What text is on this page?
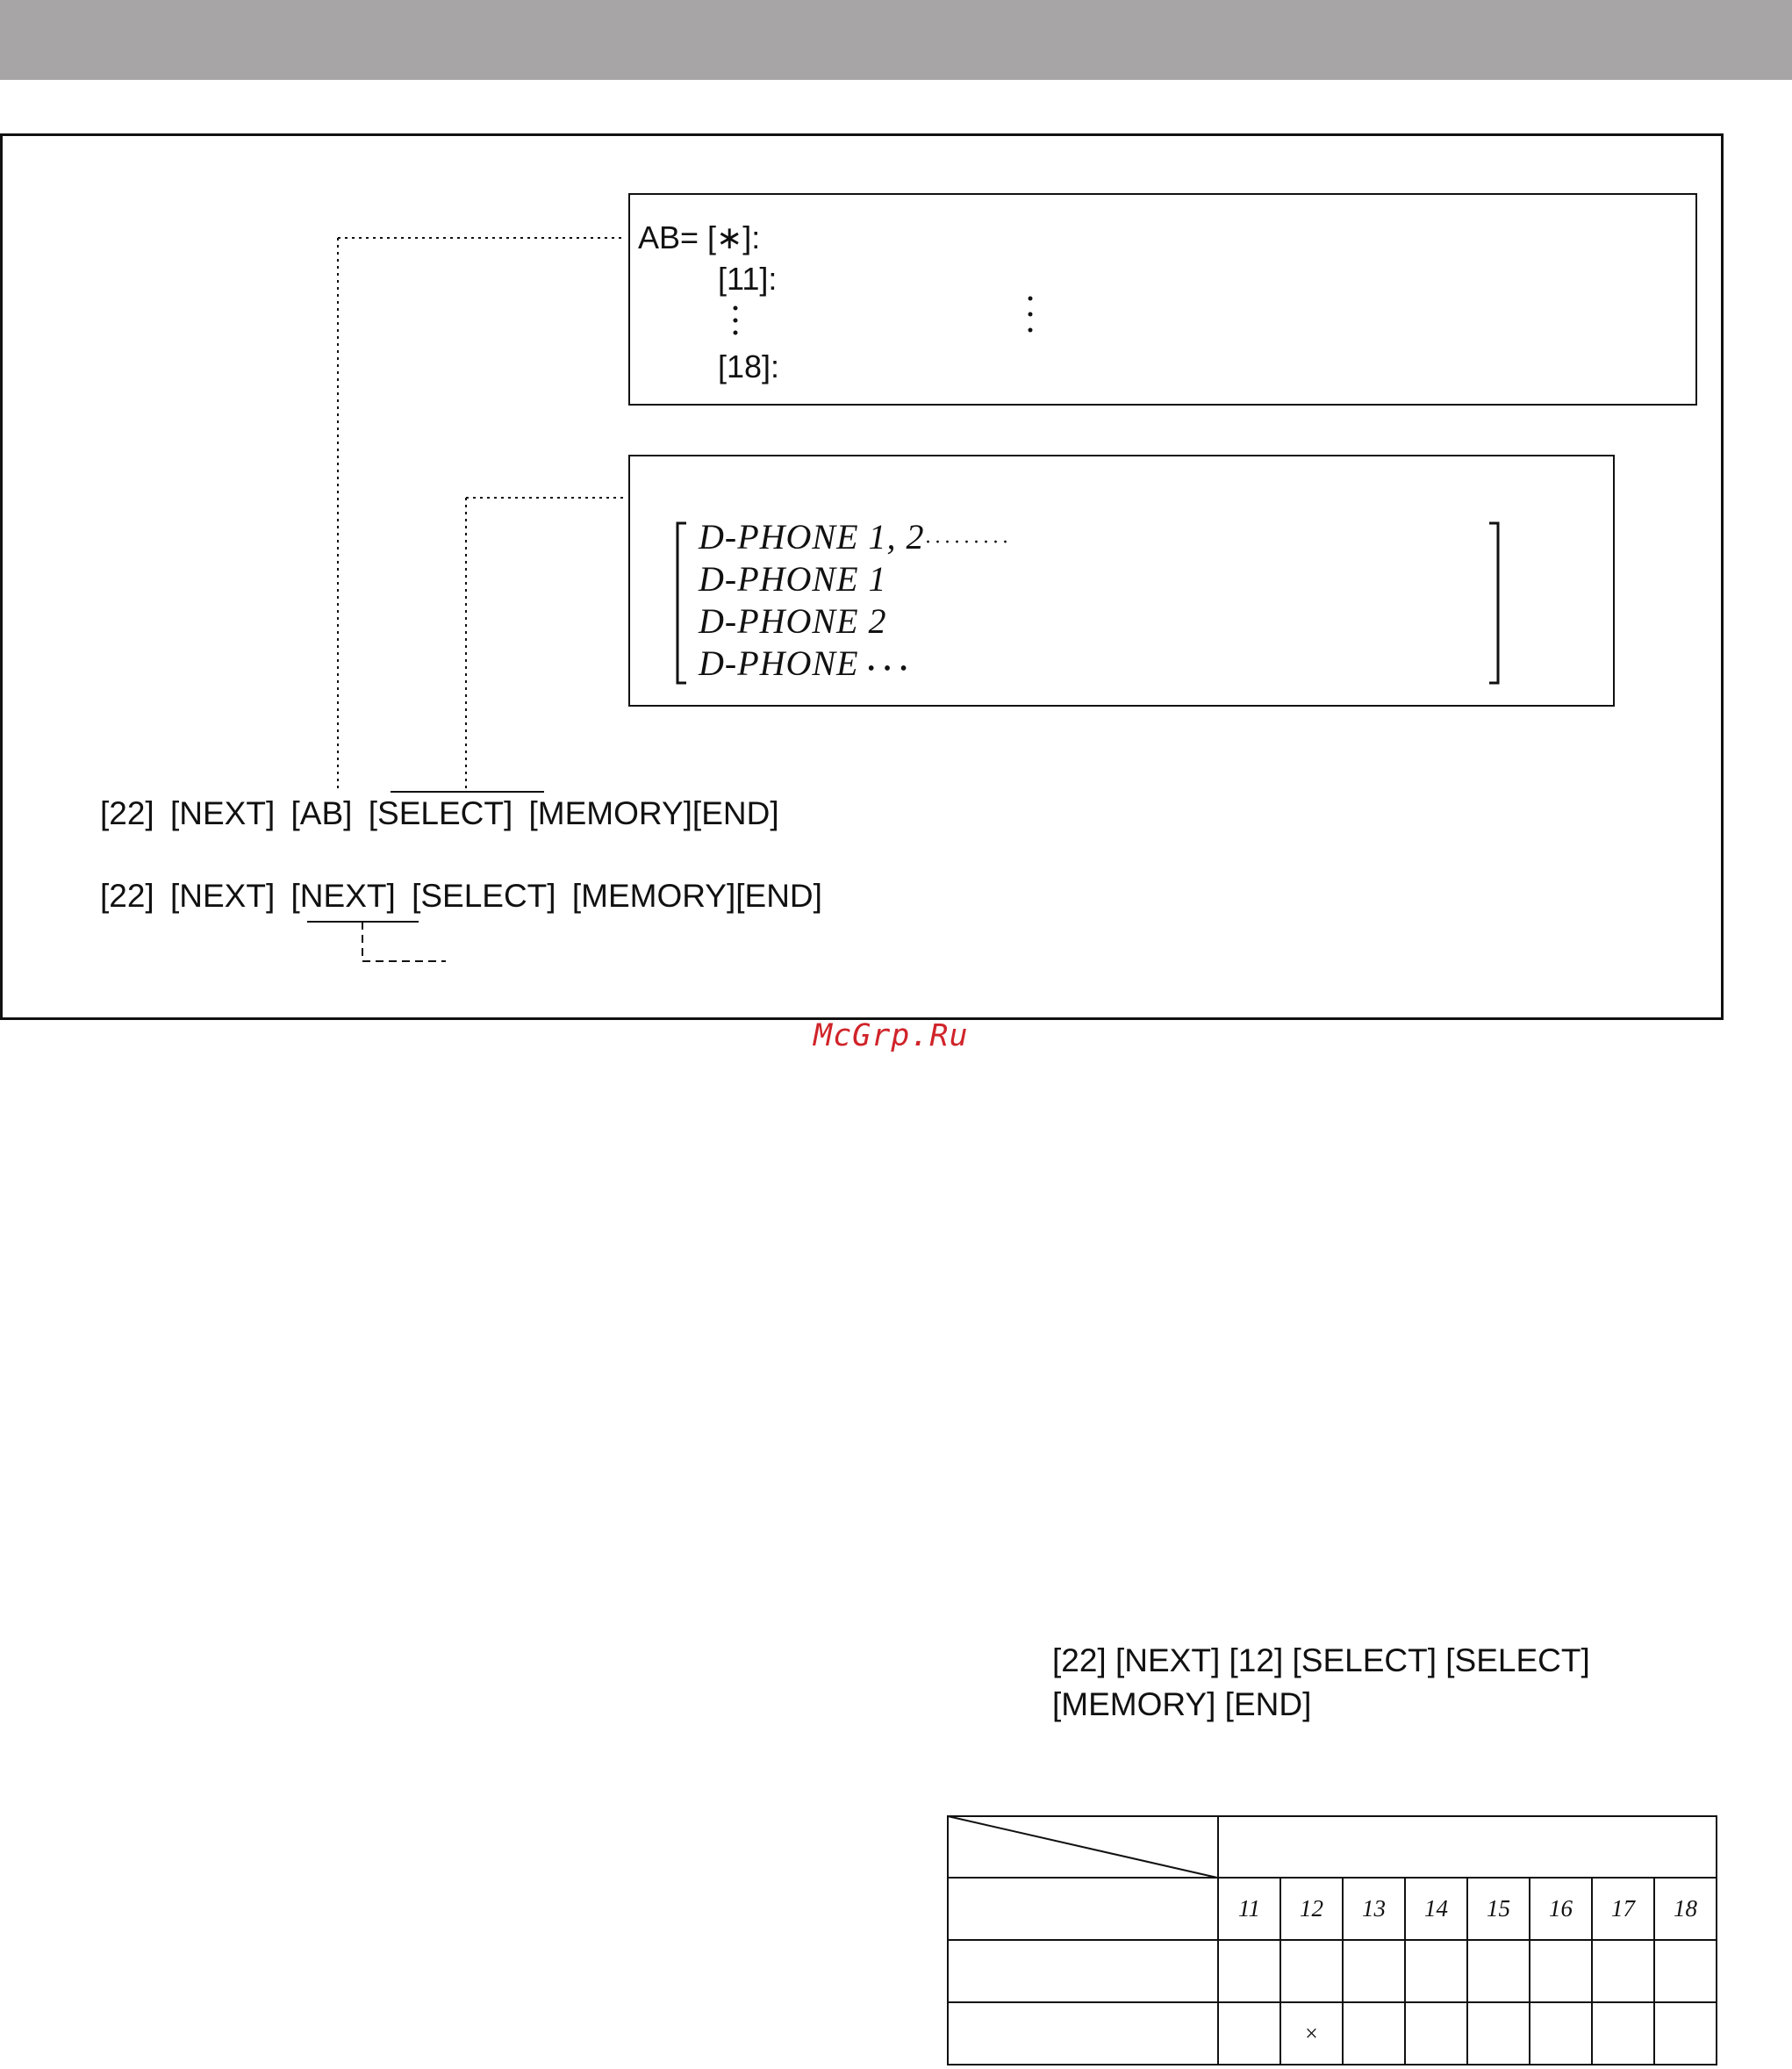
AB= [∗]:
[11]:
[18]:
D-PHONE 1, 2·········
D-PHONE 1
D-PHONE 2
D-PHONE • • •
[22] [NEXT] [AB] [SELECT] [MEMORY][END]
[22] [NEXT] [NEXT] [SELECT] [MEMORY][END]
McGrp.Ru
[22] [NEXT] [12] [SELECT] [SELECT]
[MEMORY] [END]

	11	12	13	14	15	16	17	18

		×						
